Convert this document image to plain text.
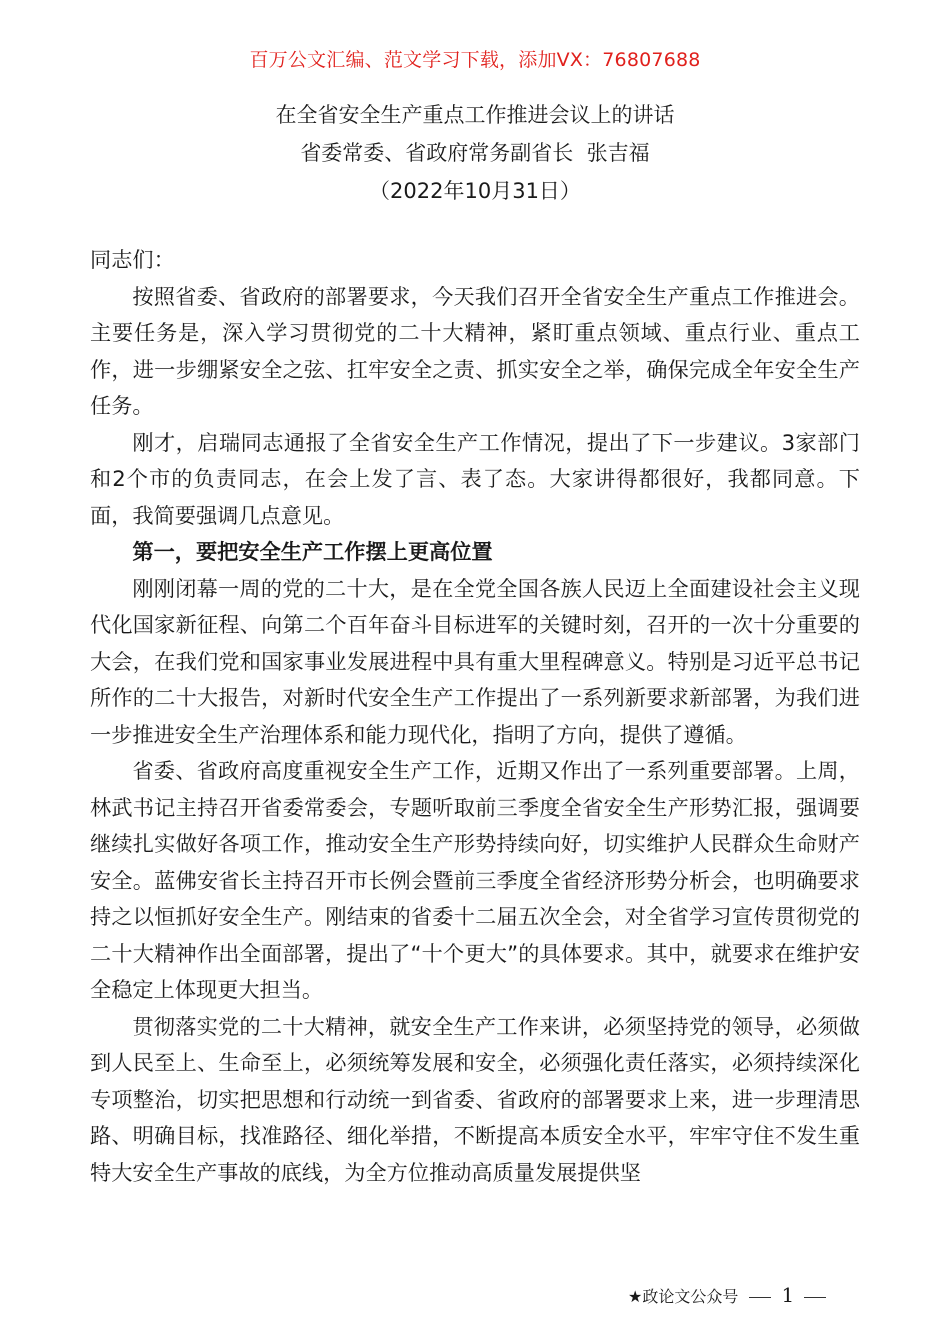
百万公文汇编、范文学习下载，添加VX：76807688
在全省安全生产重点工作推进会议上的讲话
省委常委、省政府常务副省长  张吉福
（2022年10月31日）

同志们：

按照省委、省政府的部署要求，今天我们召开全省安全生产重点工作推进会。主要任务是，深入学习贯彻党的二十大精神，紧盯重点领域、重点行业、重点工作，进一步绷紧安全之弦、扛牢安全之责、抓实安全之举，确保完成全年安全生产任务。

刚才，启瑞同志通报了全省安全生产工作情况，提出了下一步建议。3家部门和2个市的负责同志，在会上发了言、表了态。大家讲得都很好，我都同意。下面，我简要强调几点意见。

第一，要把安全生产工作摆上更高位置

刚刚闭幕一周的党的二十大，是在全党全国各族人民迈上全面建设社会主义现代化国家新征程、向第二个百年奋斗目标进军的关键时刻，召开的一次十分重要的大会，在我们党和国家事业发展进程中具有重大里程碑意义。特别是习近平总书记所作的二十大报告，对新时代安全生产工作提出了一系列新要求新部署，为我们进一步推进安全生产治理体系和能力现代化，指明了方向，提供了遵循。

省委、省政府高度重视安全生产工作，近期又作出了一系列重要部署。上周，林武书记主持召开省委常委会，专题听取前三季度全省安全生产形势汇报，强调要继续扎实做好各项工作，推动安全生产形势持续向好，切实维护人民群众生命财产安全。蓝佛安省长主持召开市长例会暨前三季度全省经济形势分析会，也明确要求持之以恒抓好安全生产。刚结束的省委十二届五次全会，对全省学习宣传贯彻党的二十大精神作出全面部署，提出了“十个更大”的具体要求。其中，就要求在维护安全稳定上体现更大担当。

贯彻落实党的二十大精神，就安全生产工作来讲，必须坚持党的领导，必须做到人民至上、生命至上，必须统筹发展和安全，必须强化责任落实，必须持续深化专项整治，切实把思想和行动统一到省委、省政府的部署要求上来，进一步理清思路、明确目标，找准路径、细化举措，不断提高本质安全水平，牢牢守住不发生重特大安全生产事故的底线，为全方位推动高质量发展提供坚

★政论文公众号 1
